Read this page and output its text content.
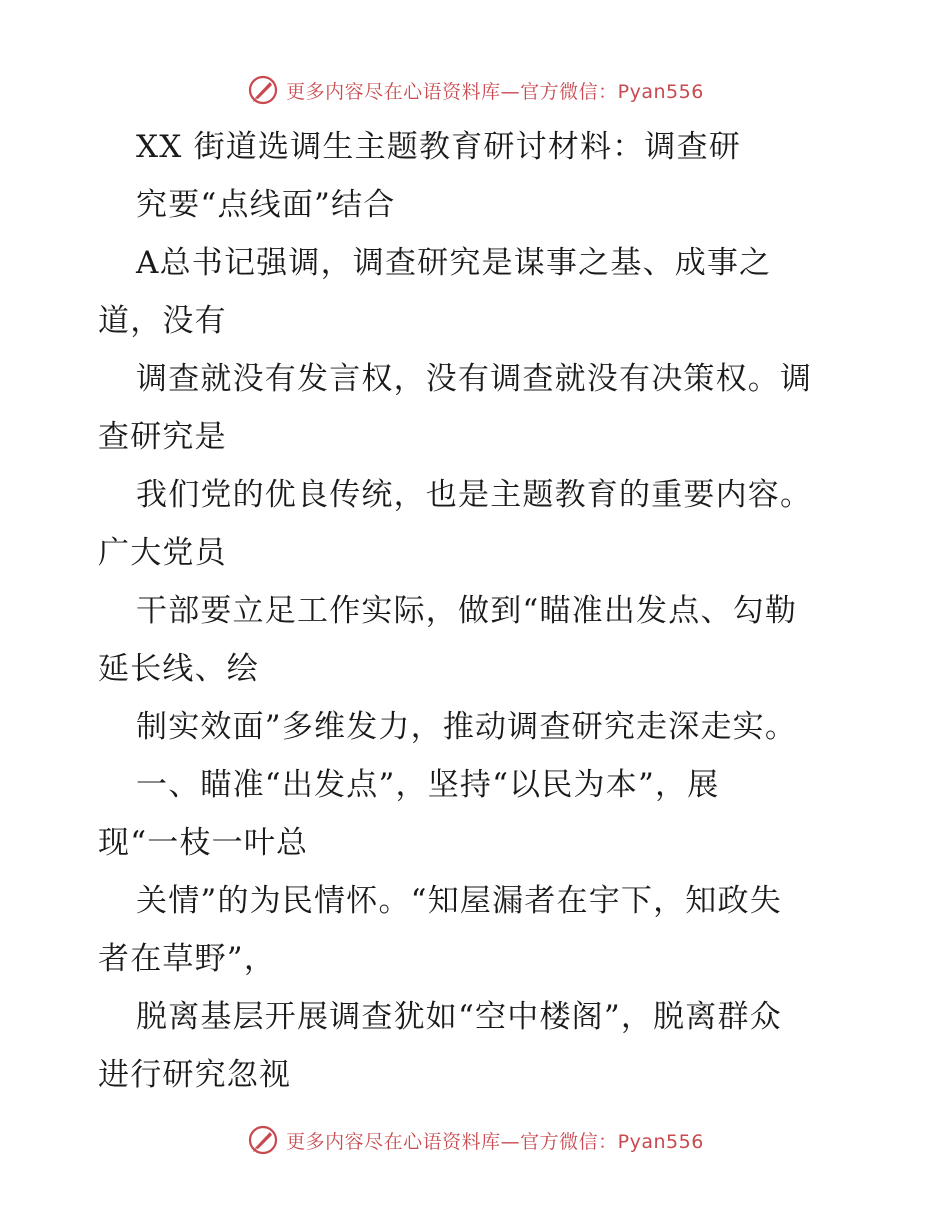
更多内容尽在心语资料库—官方微信：Pyan556
XX 街道选调生主题教育研讨材料：调查研
究要“点线面”结合
A总书记强调，调查研究是谋事之基、成事之
道，没有
调查就没有发言权，没有调查就没有决策权。调
查研究是
我们党的优良传统，也是主题教育的重要内容。
广大党员
干部要立足工作实际，做到“瞄准出发点、勾勒
延长线、绘
制实效面”多维发力，推动调查研究走深走实。
一、瞄准“出发点”，坚持“以民为本”，展
现“一枝一叶总
关情”的为民情怀。“知屋漏者在宇下，知政失
者在草野”，
脱离基层开展调查犹如“空中楼阁”，脱离群众
进行研究忽视
更多内容尽在心语资料库—官方微信：Pyan556
